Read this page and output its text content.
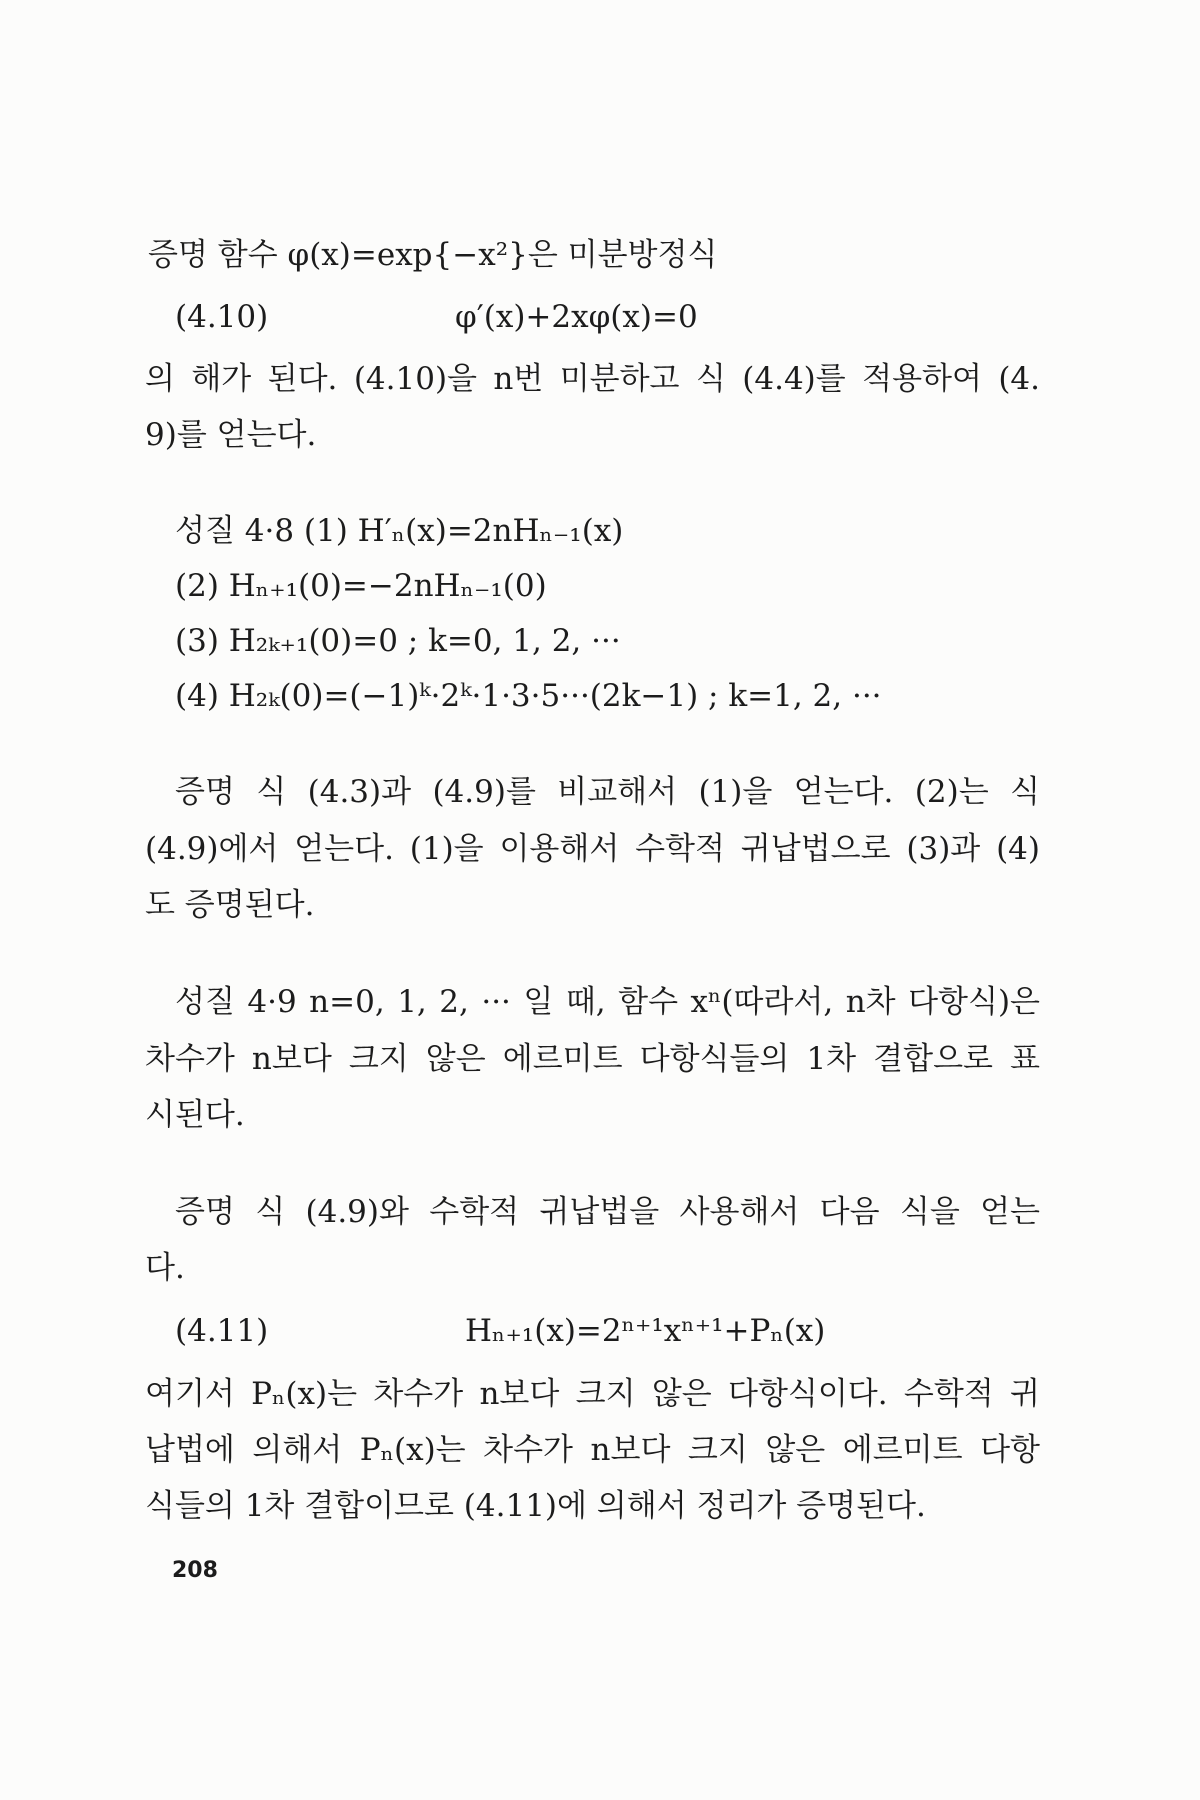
증명 함수 φ(x)=exp{−x²}은 미분방정식
(4.10)	φ′(x)+2xφ(x)=0
의 해가 된다. (4.10)을 n번 미분하고 식 (4.4)를 적용하여 (4.
9)를 얻는다.
성질 4·8 (1) H′ₙ(x)=2nHₙ₋₁(x)
(2) Hₙ₊₁(0)=−2nHₙ₋₁(0)
(3) H₂ₖ₊₁(0)=0 ; k=0, 1, 2, ···
(4) H₂ₖ(0)=(−1)ᵏ·2ᵏ·1·3·5···(2k−1) ; k=1, 2, ···
증명 식 (4.3)과 (4.9)를 비교해서 (1)을 얻는다. (2)는 식
(4.9)에서 얻는다. (1)을 이용해서 수학적 귀납법으로 (3)과 (4)
도 증명된다.
성질 4·9 n=0, 1, 2, ··· 일 때, 함수 xⁿ(따라서, n차 다항식)은
차수가 n보다 크지 않은 에르미트 다항식들의 1차 결합으로 표
시된다.
증명 식 (4.9)와 수학적 귀납법을 사용해서 다음 식을 얻는
다.
(4.11)	Hₙ₊₁(x)=2ⁿ⁺¹xⁿ⁺¹+Pₙ(x)
여기서 Pₙ(x)는 차수가 n보다 크지 않은 다항식이다. 수학적 귀
납법에 의해서 Pₙ(x)는 차수가 n보다 크지 않은 에르미트 다항
식들의 1차 결합이므로 (4.11)에 의해서 정리가 증명된다.
208
